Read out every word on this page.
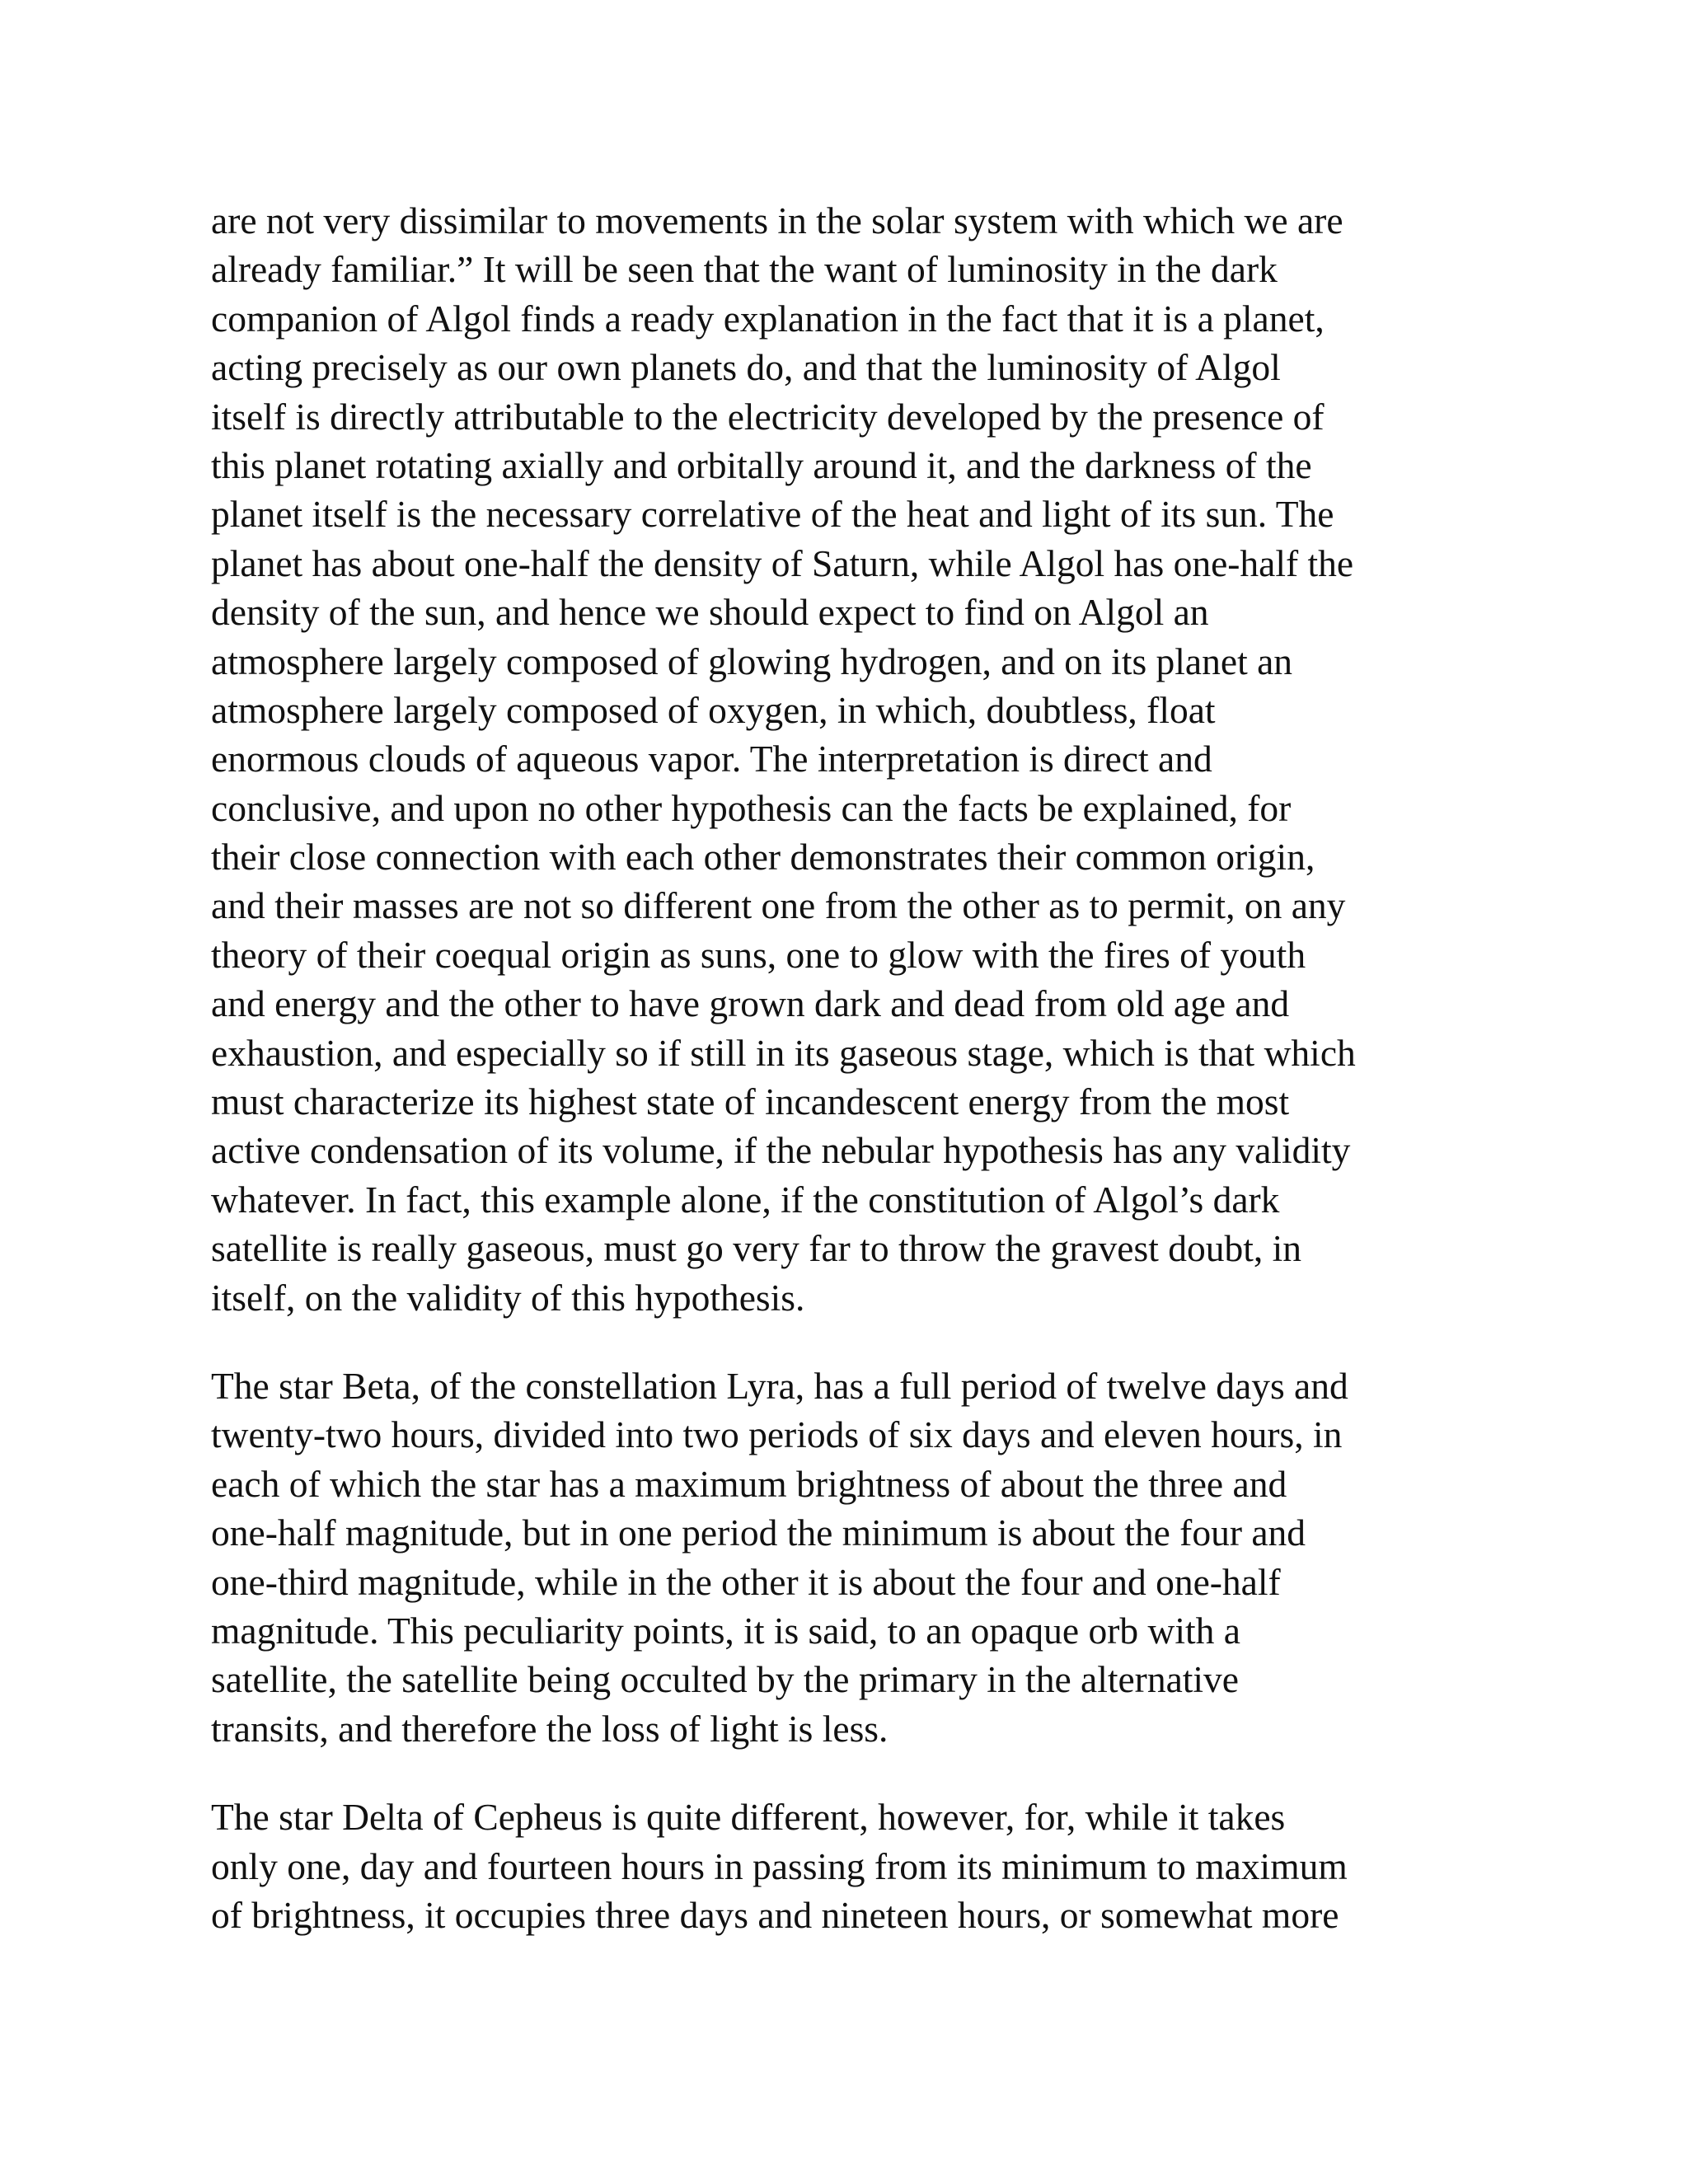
are not very dissimilar to movements in the solar system with which we are
already familiar.” It will be seen that the want of luminosity in the dark
companion of Algol finds a ready explanation in the fact that it is a planet,
acting precisely as our own planets do, and that the luminosity of Algol
itself is directly attributable to the electricity developed by the presence of
this planet rotating axially and orbitally around it, and the darkness of the
planet itself is the necessary correlative of the heat and light of its sun. The
planet has about one-half the density of Saturn, while Algol has one-half the
density of the sun, and hence we should expect to find on Algol an
atmosphere largely composed of glowing hydrogen, and on its planet an
atmosphere largely composed of oxygen, in which, doubtless, float
enormous clouds of aqueous vapor. The interpretation is direct and
conclusive, and upon no other hypothesis can the facts be explained, for
their close connection with each other demonstrates their common origin,
and their masses are not so different one from the other as to permit, on any
theory of their coequal origin as suns, one to glow with the fires of youth
and energy and the other to have grown dark and dead from old age and
exhaustion, and especially so if still in its gaseous stage, which is that which
must characterize its highest state of incandescent energy from the most
active condensation of its volume, if the nebular hypothesis has any validity
whatever. In fact, this example alone, if the constitution of Algol’s dark
satellite is really gaseous, must go very far to throw the gravest doubt, in
itself, on the validity of this hypothesis.

The star Beta, of the constellation Lyra, has a full period of twelve days and
twenty-two hours, divided into two periods of six days and eleven hours, in
each of which the star has a maximum brightness of about the three and
one-half magnitude, but in one period the minimum is about the four and
one-third magnitude, while in the other it is about the four and one-half
magnitude. This peculiarity points, it is said, to an opaque orb with a
satellite, the satellite being occulted by the primary in the alternative
transits, and therefore the loss of light is less.

The star Delta of Cepheus is quite different, however, for, while it takes
only one, day and fourteen hours in passing from its minimum to maximum
of brightness, it occupies three days and nineteen hours, or somewhat more
